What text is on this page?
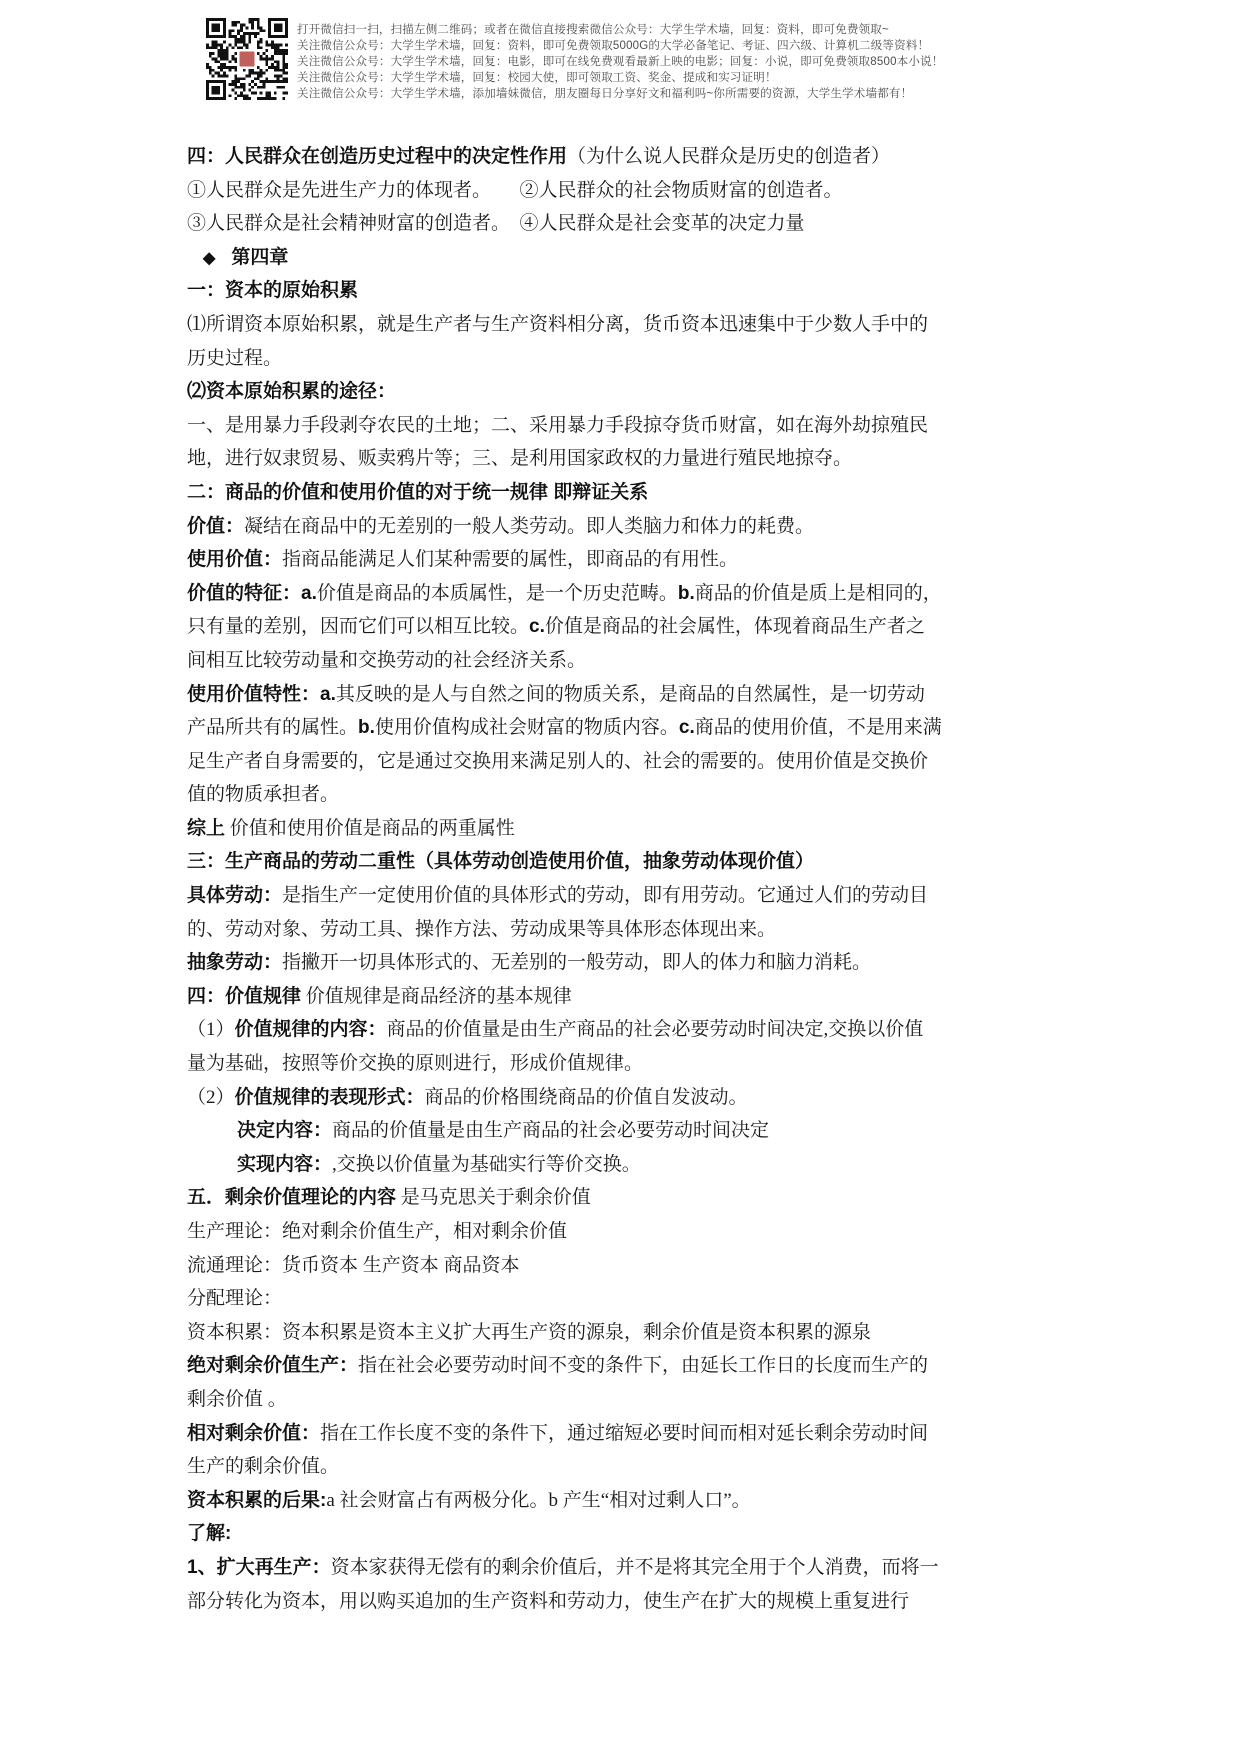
打开微信扫一扫，扫描左侧二维码；或者在微信直接搜索微信公众号：大学生学术墙，回复：资料，即可免费领取~
关注微信公众号：大学生学术墙，回复：资料，即可免费领取5000G的大学必备笔记、考证、四六级、计算机二级等资料！
关注微信公众号：大学生学术墙，回复：电影，即可在线免费观看最新上映的电影；回复：小说，即可免费领取8500本小说！
关注微信公众号：大学生学术墙，回复：校园大使，即可领取工资、奖金、提成和实习证明！
关注微信公众号：大学生学术墙，添加墙妹微信，朋友圈每日分享好文和福利吗~你所需要的资源，大学生学术墙都有！
四：人民群众在创造历史过程中的决定性作用（为什么说人民群众是历史的创造者）
①人民群众是先进生产力的体现者。　　②人民群众的社会物质财富的创造者。
③人民群众是社会精神财富的创造者。　④人民群众是社会变革的决定力量
◆ 第四章
一：资本的原始积累
⑴所谓资本原始积累，就是生产者与生产资料相分离，货币资本迅速集中于少数人手中的
历史过程。
⑵资本原始积累的途径：
一、是用暴力手段剥夺农民的土地；二、采用暴力手段掠夺货币财富，如在海外劫掠殖民
地，进行奴隶贸易、贩卖鸦片等；三、是利用国家政权的力量进行殖民地掠夺。
二：商品的价值和使用价值的对于统一规律 即辩证关系
价值：凝结在商品中的无差别的一般人类劳动。即人类脑力和体力的耗费。
使用价值：指商品能满足人们某种需要的属性，即商品的有用性。
价值的特征：a.价值是商品的本质属性，是一个历史范畴。b.商品的价值是质上是相同的，
只有量的差别，因而它们可以相互比较。c.价值是商品的社会属性，体现着商品生产者之
间相互比较劳动量和交换劳动的社会经济关系。
使用价值特性：a.其反映的是人与自然之间的物质关系，是商品的自然属性，是一切劳动
产品所共有的属性。b.使用价值构成社会财富的物质内容。c.商品的使用价值，不是用来满
足生产者自身需要的，它是通过交换用来满足别人的、社会的需要的。使用价值是交换价
值的物质承担者。
综上 价值和使用价值是商品的两重属性
三：生产商品的劳动二重性（具体劳动创造使用价值，抽象劳动体现价值）
具体劳动：是指生产一定使用价值的具体形式的劳动，即有用劳动。它通过人们的劳动目
的、劳动对象、劳动工具、操作方法、劳动成果等具体形态体现出来。
抽象劳动：指撇开一切具体形式的、无差别的一般劳动，即人的体力和脑力消耗。
四：价值规律 价值规律是商品经济的基本规律
（1）价值规律的内容：商品的价值量是由生产商品的社会必要劳动时间决定,交换以价值
量为基础，按照等价交换的原则进行，形成价值规律。
（2）价值规律的表现形式：商品的价格围绕商品的价值自发波动。
决定内容：商品的价值量是由生产商品的社会必要劳动时间决定
实现内容：,交换以价值量为基础实行等价交换。
五．剩余价值理论的内容 是马克思关于剩余价值
生产理论：绝对剩余价值生产，相对剩余价值
流通理论：货币资本 生产资本 商品资本
分配理论：
资本积累：资本积累是资本主义扩大再生产资的源泉，剩余价值是资本积累的源泉
绝对剩余价值生产：指在社会必要劳动时间不变的条件下，由延长工作日的长度而生产的
剩余价值 。
相对剩余价值：指在工作长度不变的条件下，通过缩短必要时间而相对延长剩余劳动时间
生产的剩余价值。
资本积累的后果:a 社会财富占有两极分化。b 产生“相对过剩人口”。
了解:
1、扩大再生产：资本家获得无偿有的剩余价值后，并不是将其完全用于个人消费，而将一
部分转化为资本，用以购买追加的生产资料和劳动力，使生产在扩大的规模上重复进行
